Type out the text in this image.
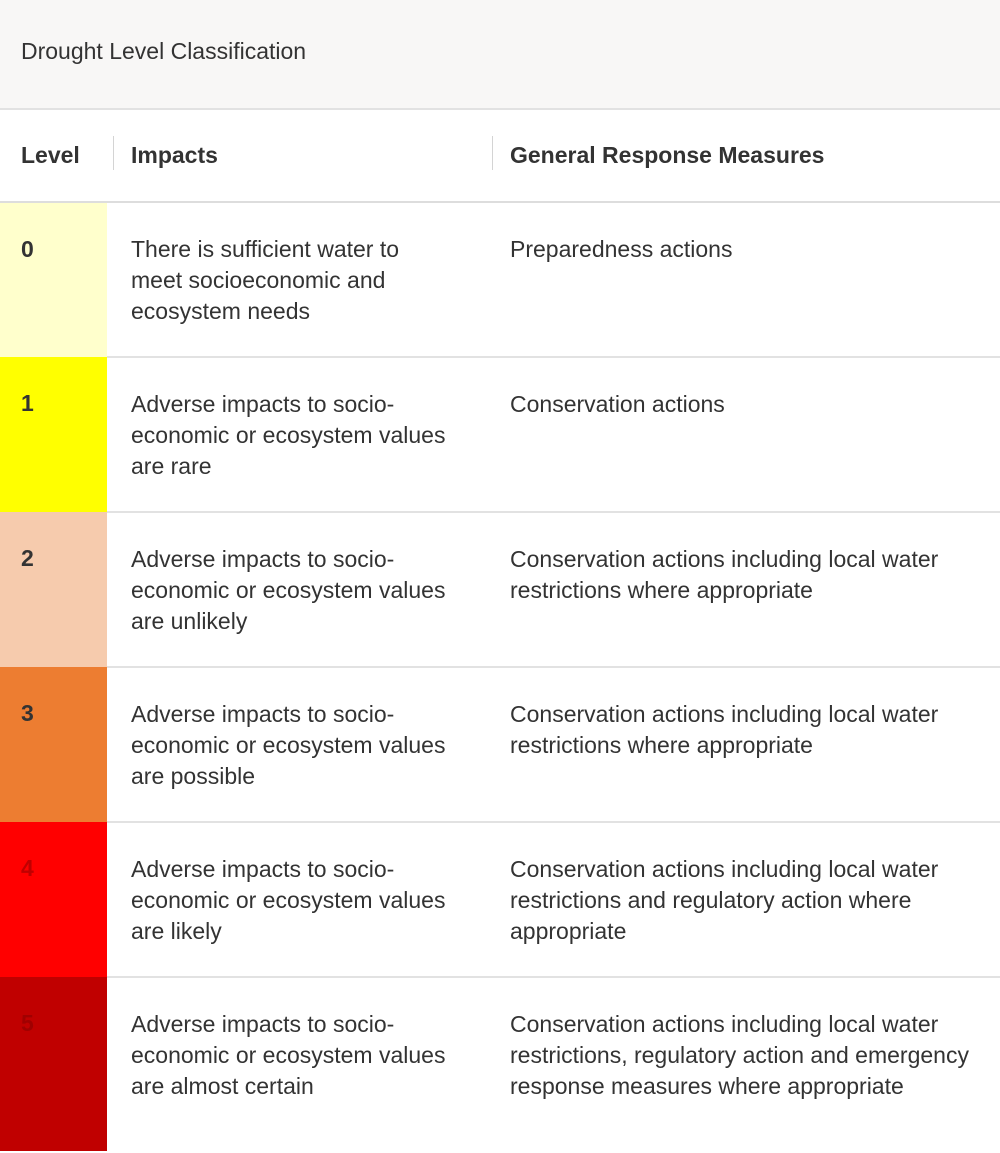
Drought Level Classification
Level	Impacts	General Response Measures

0	There is sufficient water to meet socioeconomic and ecosystem needs	Preparedness actions
1	Adverse impacts to socio-economic or ecosystem values are rare	Conservation actions
2	Adverse impacts to socio-economic or ecosystem values are unlikely	Conservation actions including local water restrictions where appropriate
3	Adverse impacts to socio-economic or ecosystem values are possible	Conservation actions including local water restrictions where appropriate
4	Adverse impacts to socio-economic or ecosystem values are likely	Conservation actions including local water restrictions and regulatory action where appropriate
5	Adverse impacts to socio-economic or ecosystem values are almost certain	Conservation actions including local water restrictions, regulatory action and emergency response measures where appropriate
